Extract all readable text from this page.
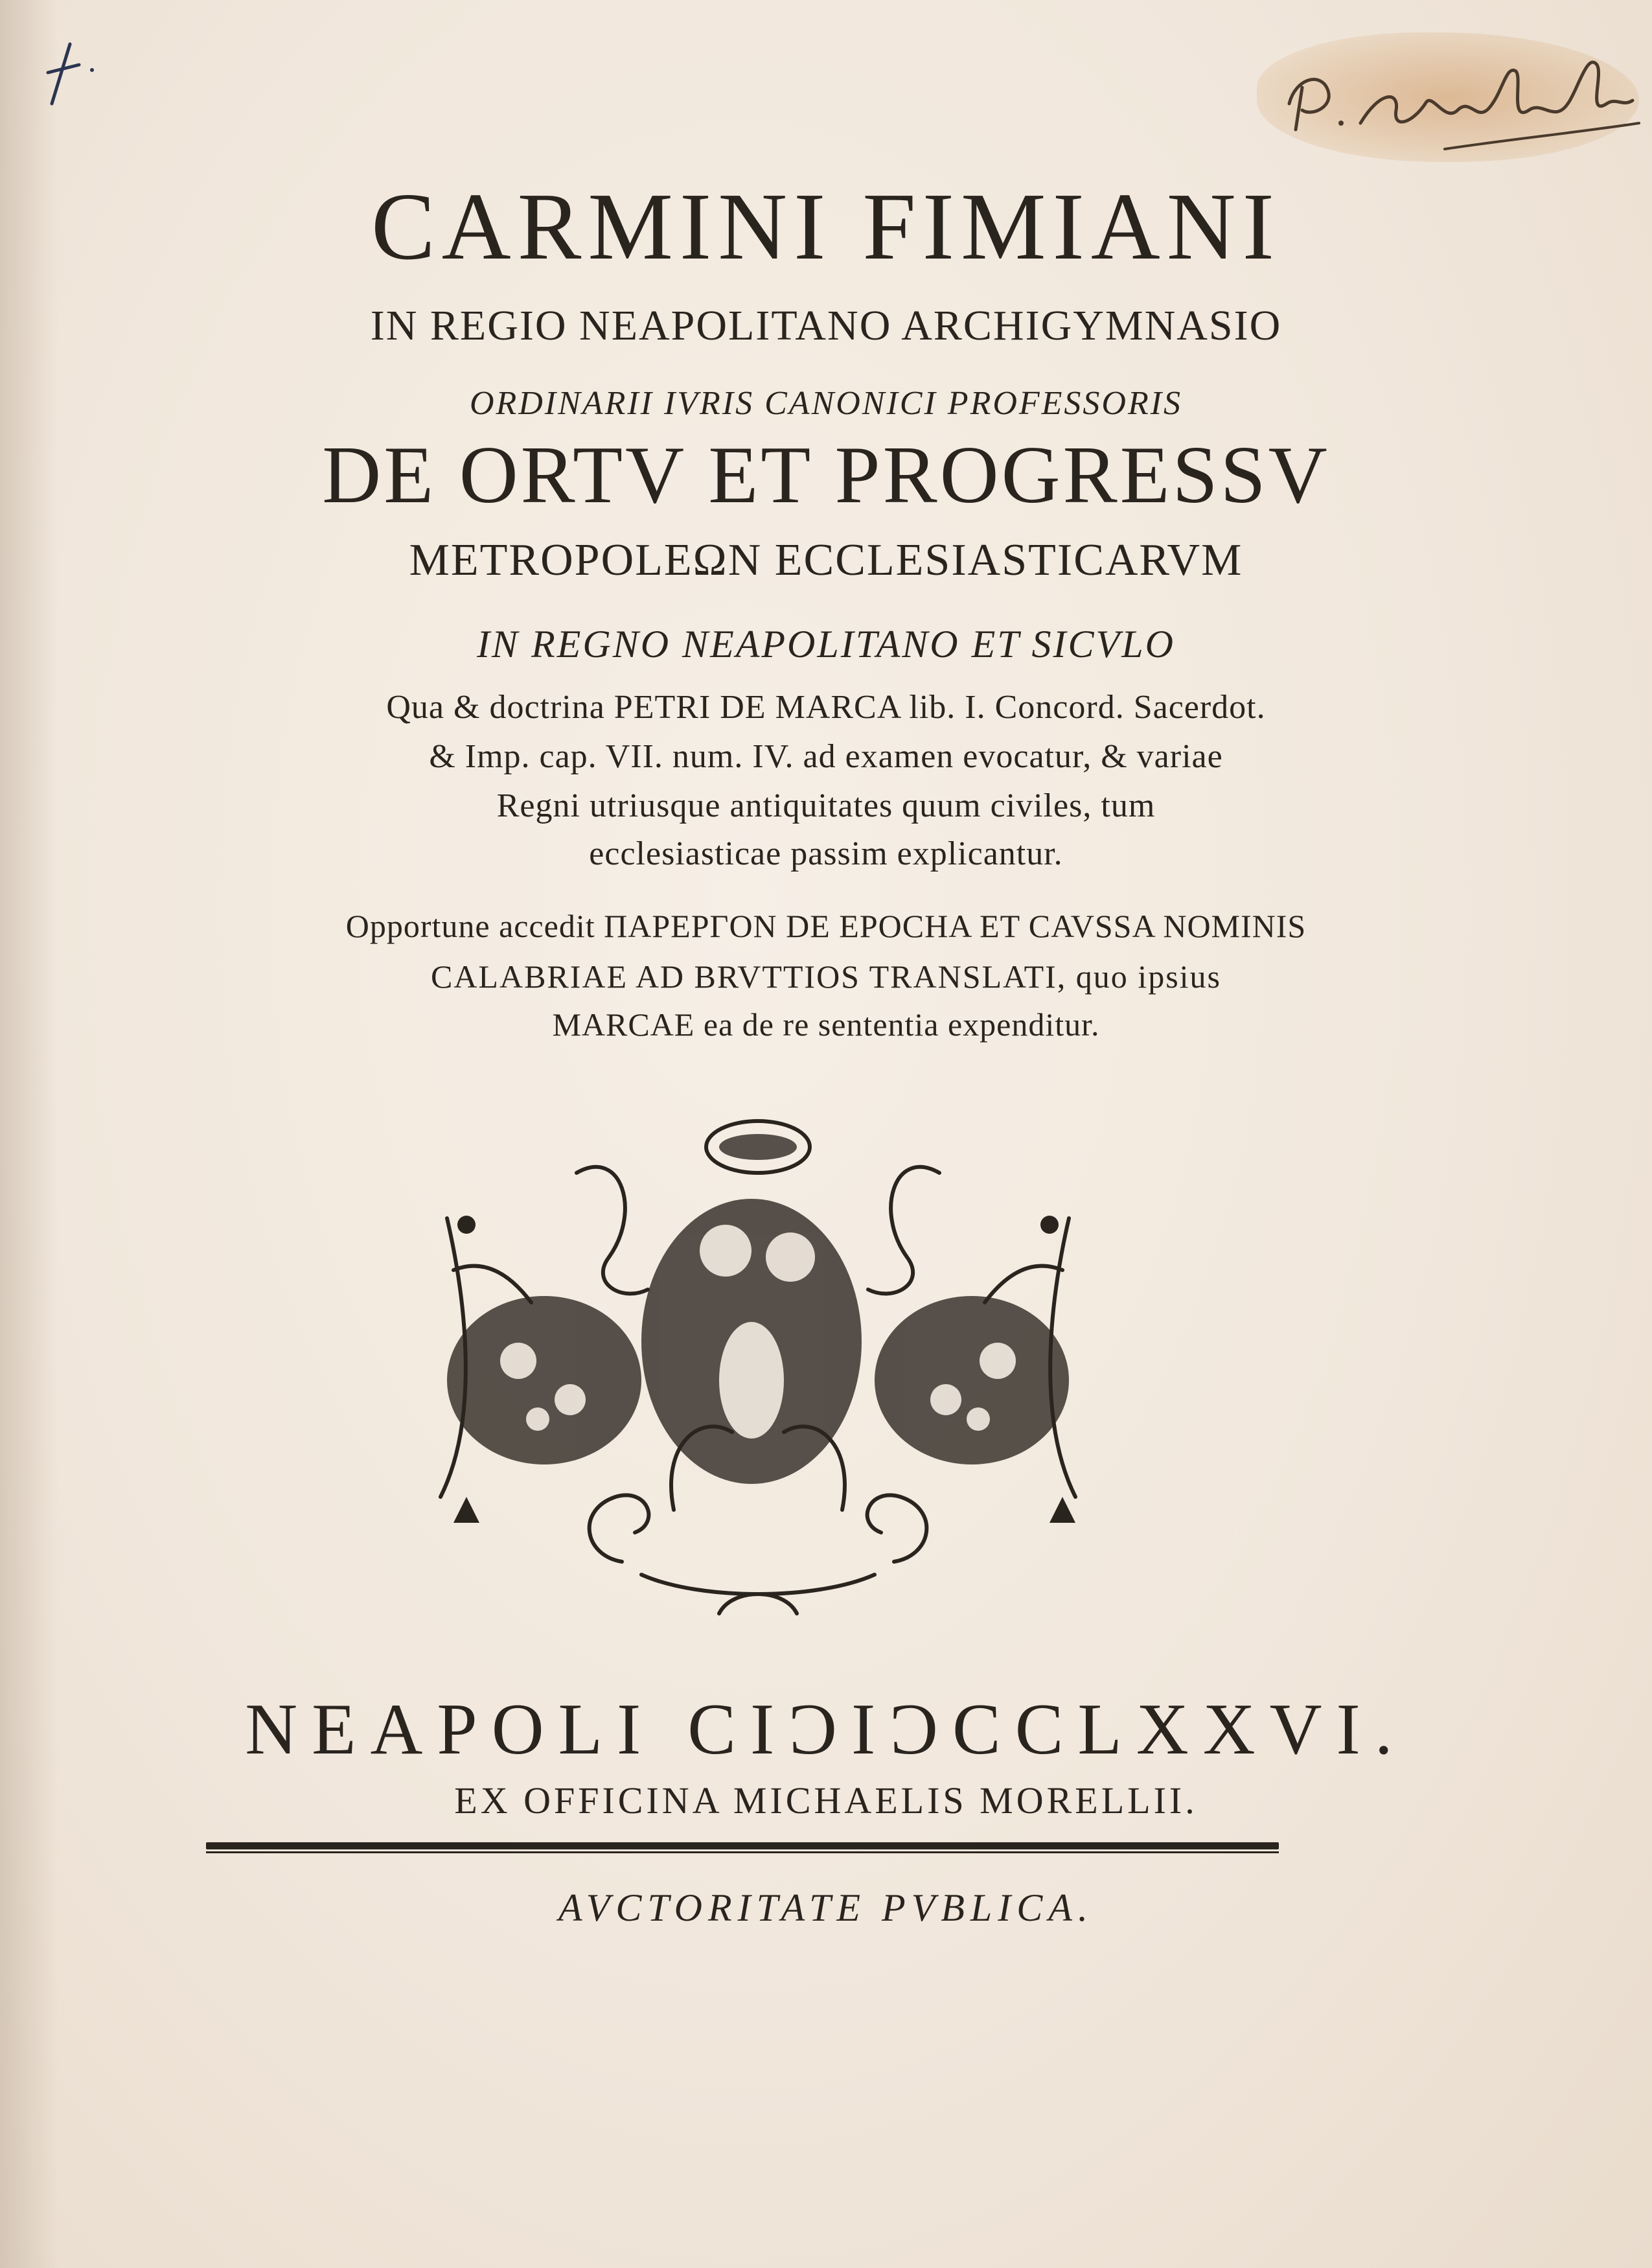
CARMINI FIMIANI
IN REGIO NEAPOLITANO ARCHIGYMNASIO
ORDINARII IVRIS CANONICI PROFESSORIS
DE ORTV ET PROGRESSV
METROPOLEΩN ECCLESIASTICARVM
IN REGNO NEAPOLITANO ET SICVLO
Qua & doctrina PETRI DE MARCA lib. I. Concord. Sacerdot.
& Imp. cap. VII. num. IV. ad examen evocatur, & variae
Regni utriusque antiquitates quum civiles, tum
ecclesiasticae passim explicantur.
Opportune accedit ΠΑΡΕΡΓΟΝ DE EPOCHA ET CAVSSA NOMINIS
CALABRIAE AD BRVTTIOS TRANSLATI, quo ipsius
MARCAE ea de re sententia expenditur.
NEAPOLI CIƆIƆCCLXXVI.
EX OFFICINA MICHAELIS MORELLII.
AVCTORITATE PVBLICA.
